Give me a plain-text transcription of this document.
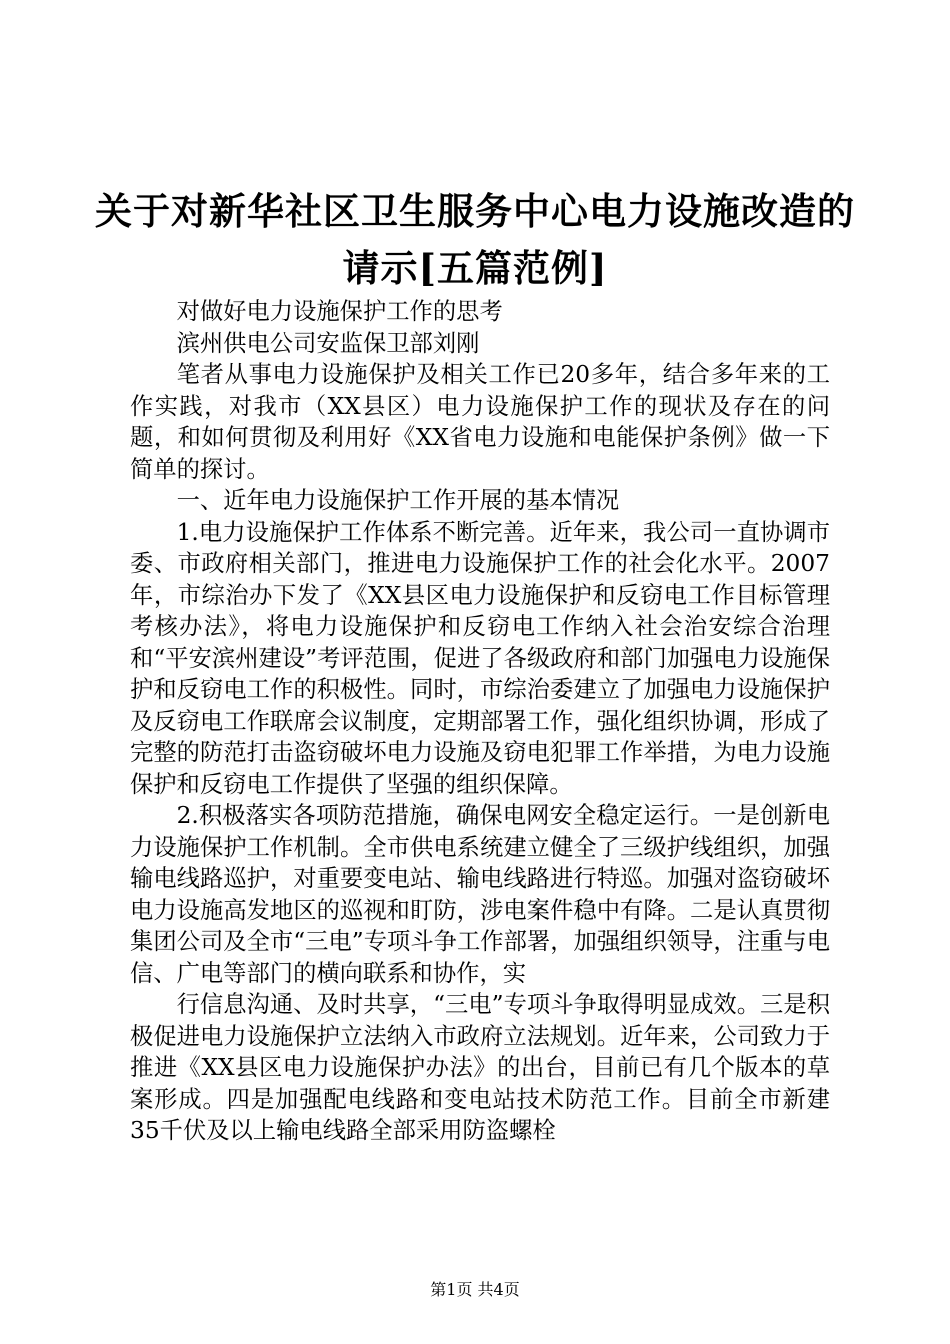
关于对新华社区卫生服务中心电力设施改造的
请示[五篇范例]

对做好电力设施保护工作的思考

滨州供电公司安监保卫部刘刚

笔者从事电力设施保护及相关工作已20多年，结合多年来的工作实践，对我市（XX县区）电力设施保护工作的现状及存在的问题，和如何贯彻及利用好《XX省电力设施和电能保护条例》做一下简单的探讨。

一、近年电力设施保护工作开展的基本情况

1.电力设施保护工作体系不断完善。近年来，我公司一直协调市委、市政府相关部门，推进电力设施保护工作的社会化水平。2007年，市综治办下发了《XX县区电力设施保护和反窃电工作目标管理考核办法》，将电力设施保护和反窃电工作纳入社会治安综合治理和“平安滨州建设”考评范围，促进了各级政府和部门加强电力设施保护和反窃电工作的积极性。同时，市综治委建立了加强电力设施保护及反窃电工作联席会议制度，定期部署工作，强化组织协调，形成了完整的防范打击盗窃破坏电力设施及窃电犯罪工作举措，为电力设施保护和反窃电工作提供了坚强的组织保障。

2.积极落实各项防范措施，确保电网安全稳定运行。一是创新电力设施保护工作机制。全市供电系统建立健全了三级护线组织，加强输电线路巡护，对重要变电站、输电线路进行特巡。加强对盗窃破坏电力设施高发地区的巡视和盯防，涉电案件稳中有降。二是认真贯彻集团公司及全市“三电”专项斗争工作部署，加强组织领导，注重与电信、广电等部门的横向联系和协作，实

行信息沟通、及时共享，“三电”专项斗争取得明显成效。三是积极促进电力设施保护立法纳入市政府立法规划。近年来，公司致力于推进《XX县区电力设施保护办法》的出台，目前已有几个版本的草案形成。四是加强配电线路和变电站技术防范工作。目前全市新建35千伏及以上输电线路全部采用防盗螺栓

第1页 共4页
